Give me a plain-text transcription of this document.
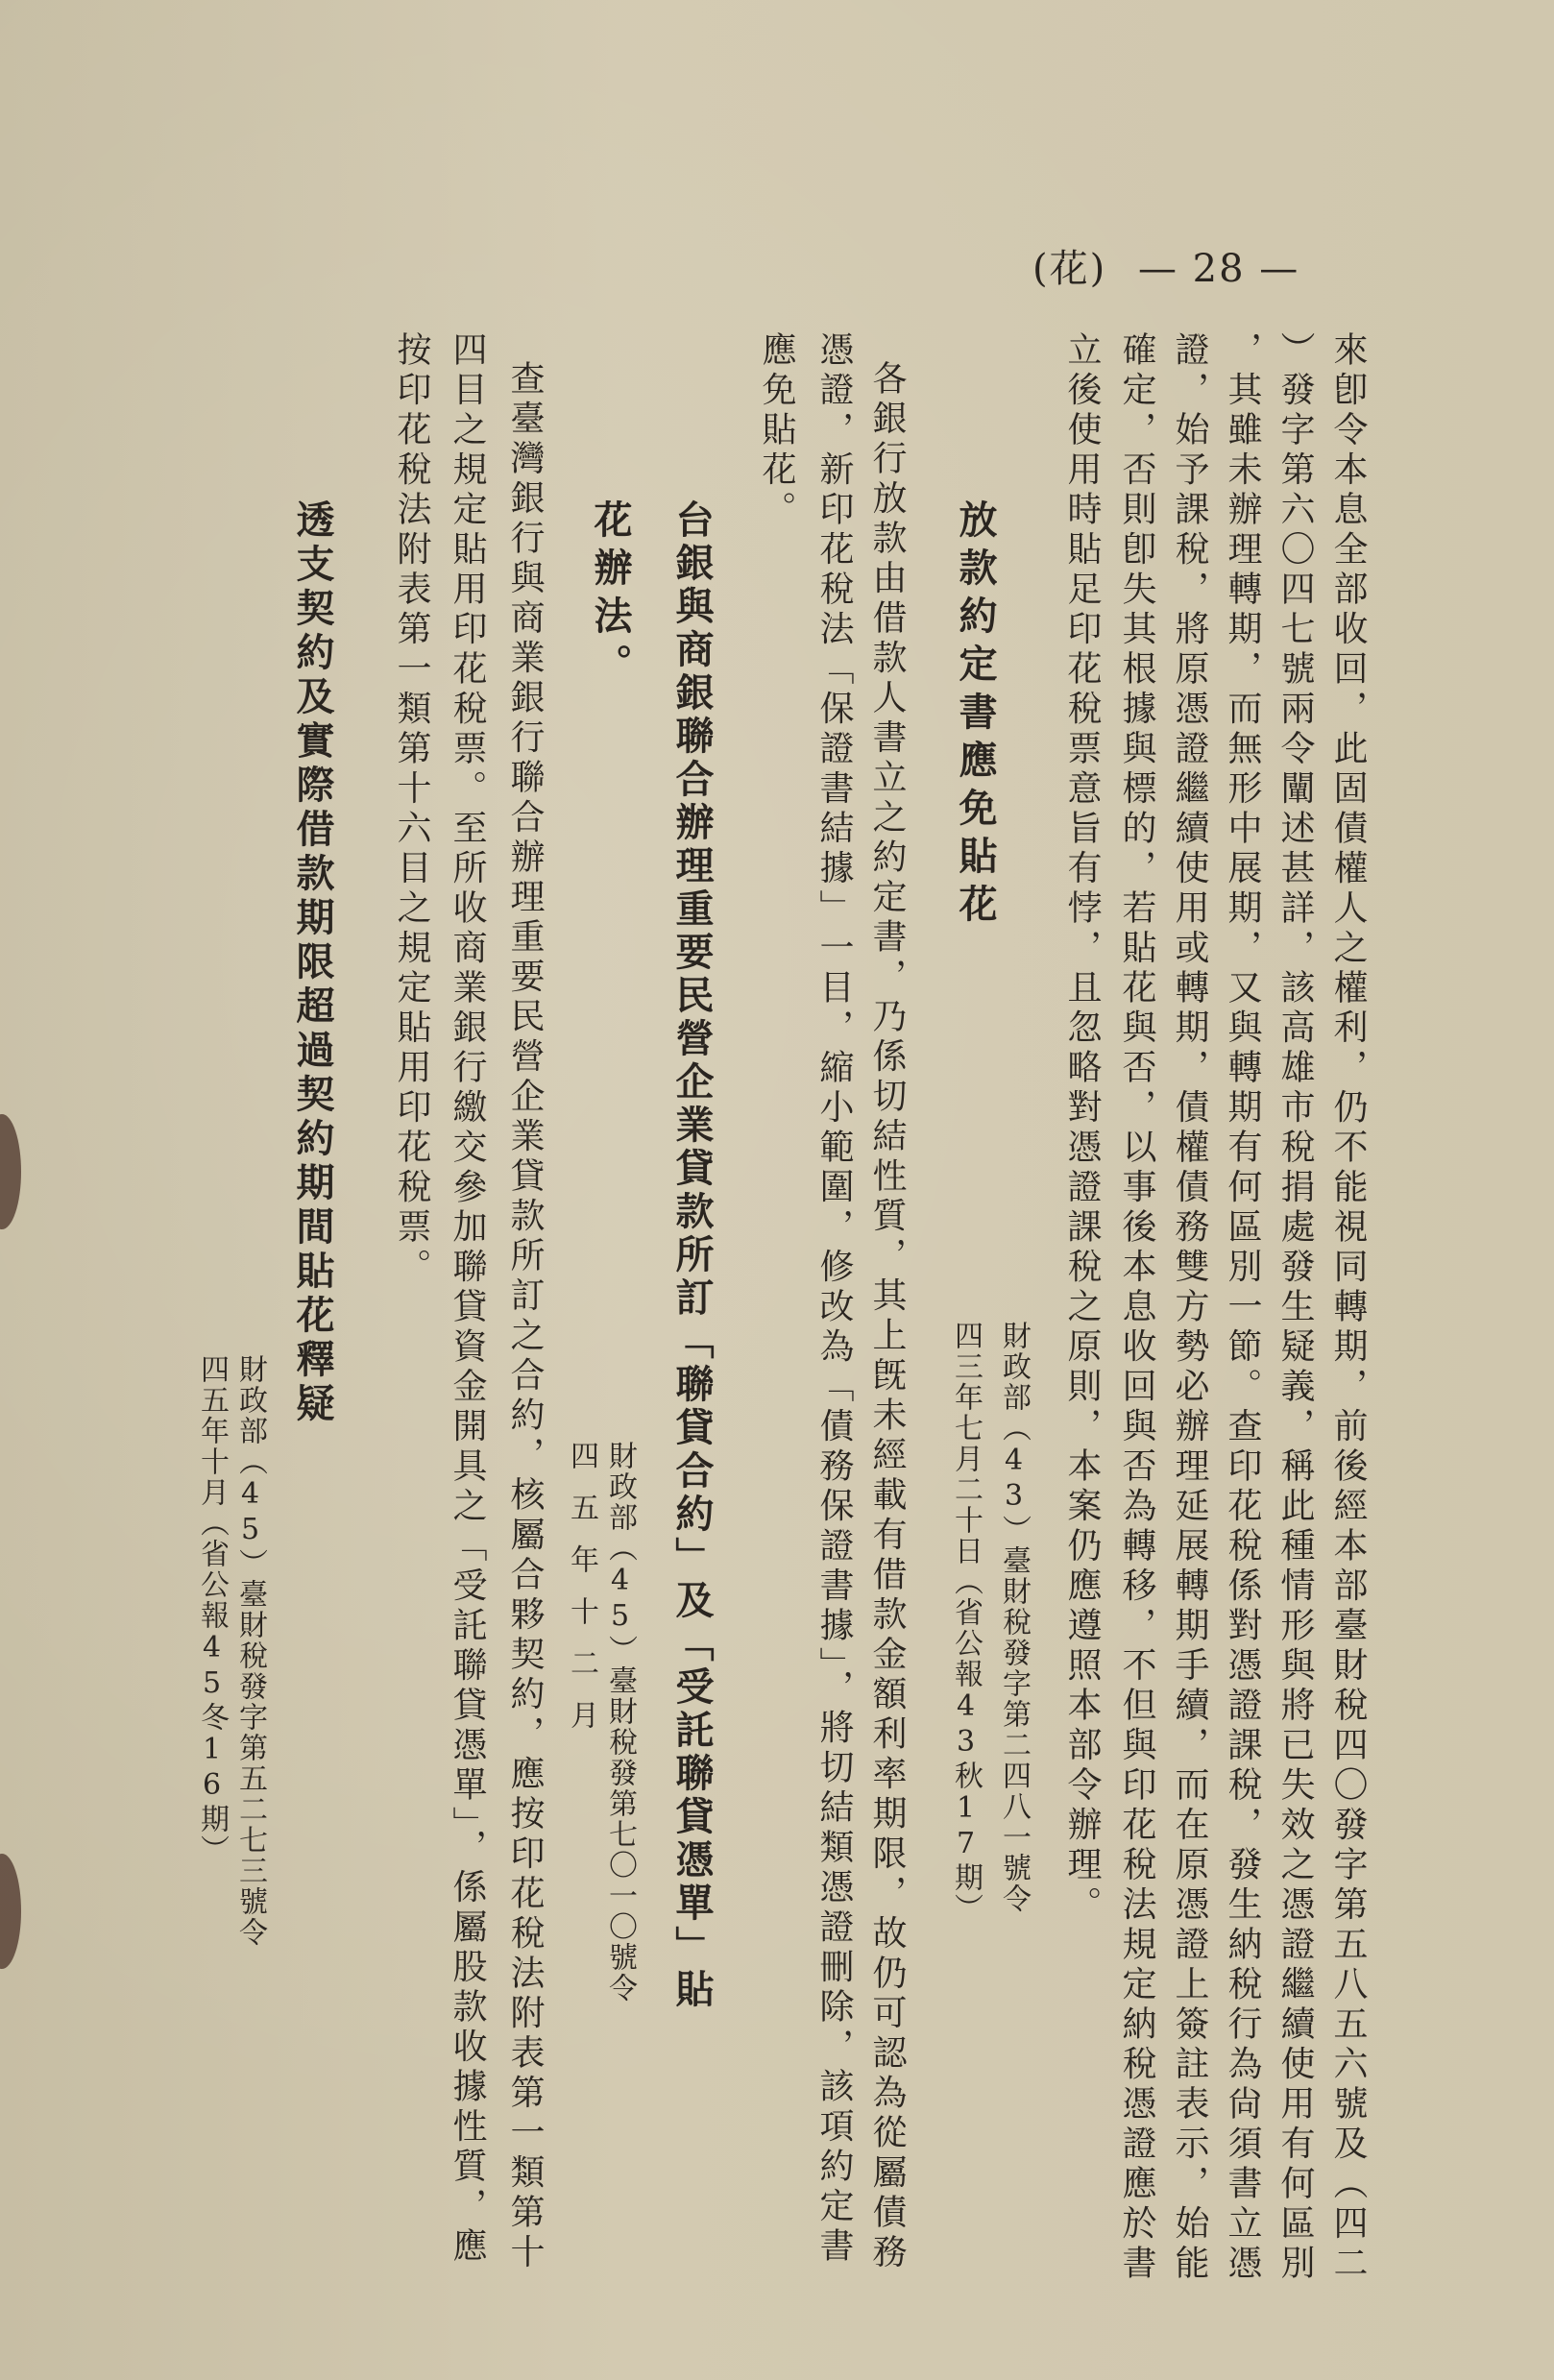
(花) — 28 —
來卽令本息全部收回，此固債權人之權利，仍不能視同轉期，前後經本部臺財稅四〇發字第五八五六號及（四二
）發字第六〇四七號兩令闡述甚詳，該高雄市稅捐處發生疑義，稱此種情形與將已失效之憑證繼續使用有何區別
，其雖未辦理轉期，而無形中展期，又與轉期有何區別一節。查印花稅係對憑證課稅，發生納稅行為尙須書立憑
證，始予課稅，將原憑證繼續使用或轉期，債權債務雙方勢必辦理延展轉期手續，而在原憑證上簽註表示，始能
確定，否則卽失其根據與標的，若貼花與否，以事後本息收回與否為轉移，不但與印花稅法規定納稅憑證應於書
立後使用時貼足印花稅票意旨有悖，且忽略對憑證課稅之原則，本案仍應遵照本部令辦理。
財政部（43）臺財稅發字第二四八一號令
四三年七月二十日（省公報43秋17期）
放款約定書應免貼花
各銀行放款由借款人書立之約定書，乃係切結性質，其上旣未經載有借款金額利率期限，故仍可認為從屬債務
憑證，新印花稅法「保證書結據」一目，縮小範圍，修改為「債務保證書據」，將切結類憑證刪除，該項約定書
應免貼花。
台銀與商銀聯合辦理重要民營企業貸款所訂「聯貸合約」及「受託聯貸憑單」貼
花辦法。
財政部（45）臺財稅發第七〇一〇號令
四五年十二月
查臺灣銀行與商業銀行聯合辦理重要民營企業貸款所訂之合約，核屬合夥契約，應按印花稅法附表第一類第十
四目之規定貼用印花稅票。至所收商業銀行繳交參加聯貸資金開具之「受託聯貸憑單」，係屬股款收據性質，應
按印花稅法附表第一類第十六目之規定貼用印花稅票。
透支契約及實際借款期限超過契約期間貼花釋疑
財政部（45）臺財稅發字第五二七三號令
四五年十月（省公報45冬16期）
